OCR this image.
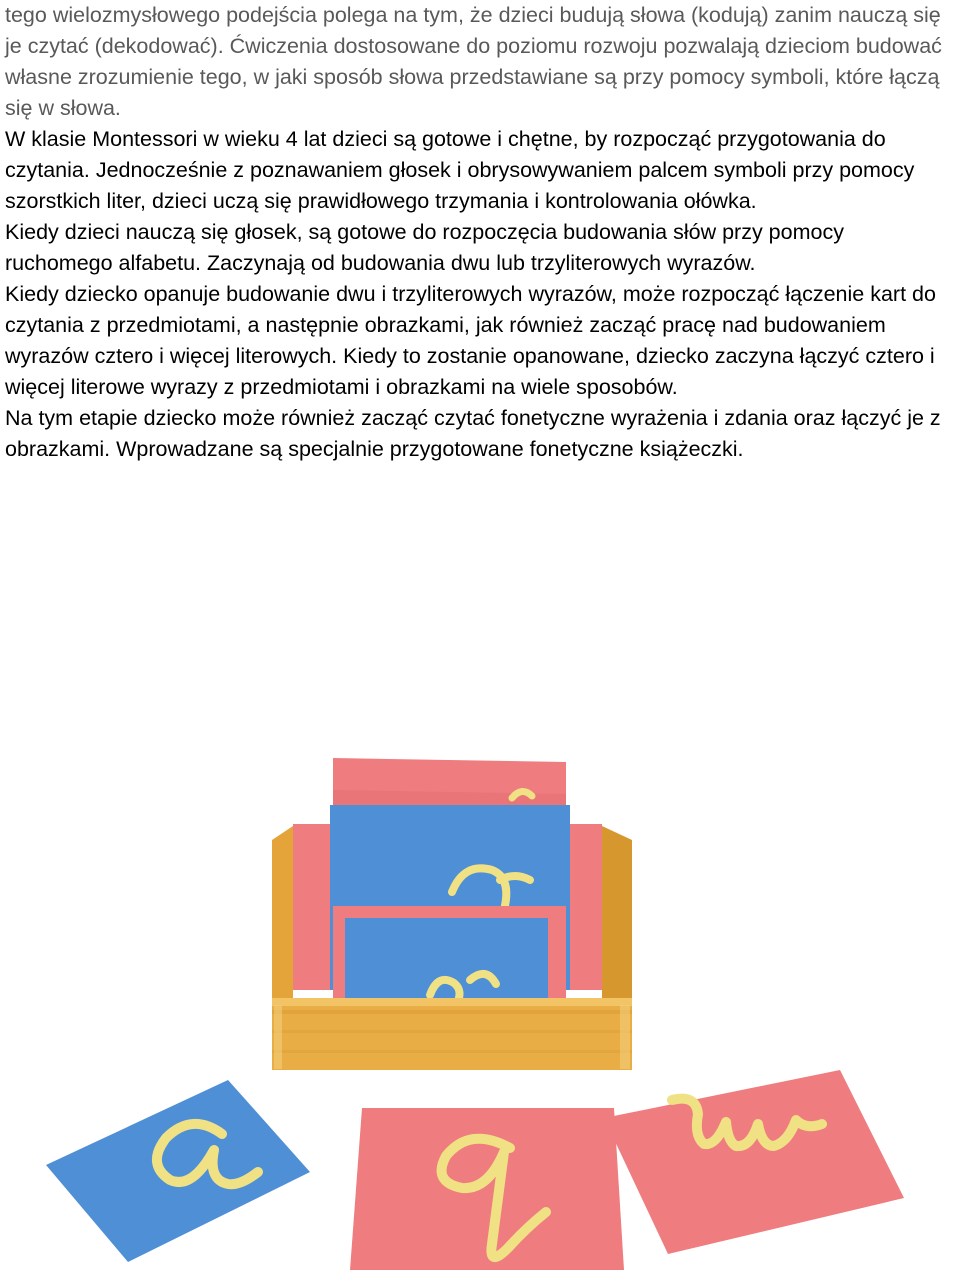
tego wielozmysłowego podejścia polega na tym, że dzieci budują słowa (kodują) zanim nauczą się je czytać (dekodować). Ćwiczenia dostosowane do poziomu rozwoju pozwalają dzieciom budować własne zrozumienie tego, w jaki sposób słowa przedstawiane są przy pomocy symboli, które łączą się w słowa.

W klasie Montessori w wieku 4 lat dzieci są gotowe i chętne, by rozpocząć przygotowania do czytania. Jednocześnie z poznawaniem głosek i obrysowywaniem palcem symboli przy pomocy szorstkich liter, dzieci uczą się prawidłowego trzymania i kontrolowania ołówka.

Kiedy dzieci nauczą się głosek, są gotowe do rozpoczęcia budowania słów przy pomocy ruchomego alfabetu. Zaczynają od budowania dwu lub trzyliterowych wyrazów.

Kiedy dziecko opanuje budowanie dwu i trzyliterowych wyrazów, może rozpocząć łączenie kart do czytania z przedmiotami, a następnie obrazkami, jak również zacząć pracę nad budowaniem wyrazów cztero i więcej literowych. Kiedy to zostanie opanowane, dziecko zaczyna łączyć cztero i więcej literowe wyrazy z przedmiotami i obrazkami na wiele sposobów.

Na tym etapie dziecko może również zacząć czytać fonetyczne wyrażenia i zdania oraz łączyć je z obrazkami. Wprowadzane są specjalnie przygotowane fonetyczne książeczki.
